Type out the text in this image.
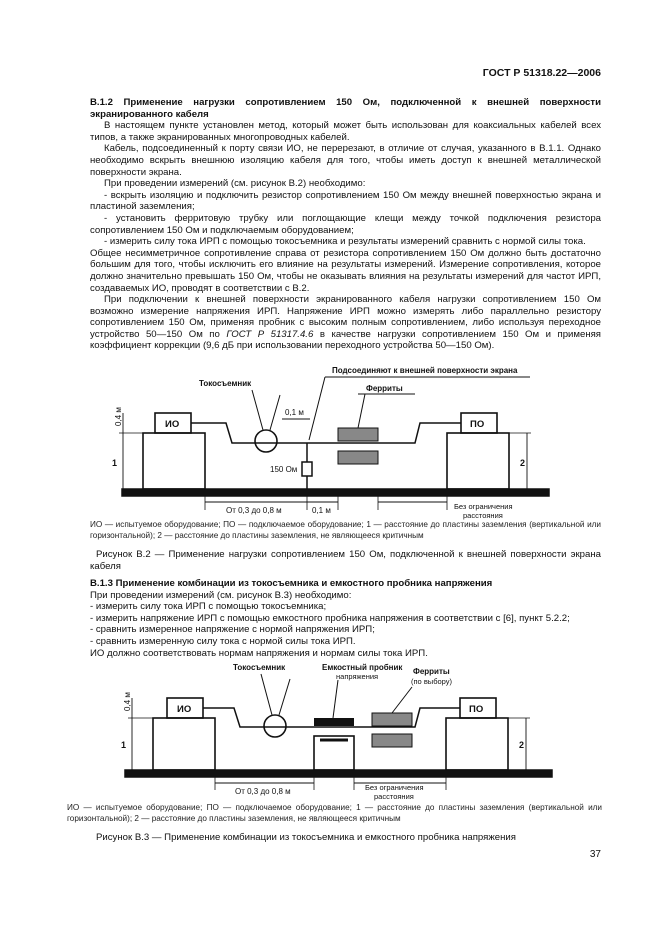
ГОСТ Р 51318.22—2006

В.1.2 Применение нагрузки сопротивлением 150 Ом, подключенной к внешней поверхности экранированного кабеля

В настоящем пункте установлен метод, который может быть использован для коаксиальных кабелей всех типов, а также экранированных многопроводных кабелей.

Кабель, подсоединенный к порту связи ИО, не перерезают, в отличие от случая, указанного в В.1.1. Однако необходимо вскрыть внешнюю изоляцию кабеля для того, чтобы иметь доступ к внешней металлической поверхности экрана.

При проведении измерений (см. рисунок В.2) необходимо:

- вскрыть изоляцию и подключить резистор сопротивлением 150 Ом между внешней поверхностью экрана и пластиной заземления;

- установить ферритовую трубку или поглощающие клещи между точкой подключения резистора сопротивлением 150 Ом и подключаемым оборудованием;

- измерить силу тока ИРП с помощью токосъемника и результаты измерений сравнить с нормой силы тока.

Общее несимметричное сопротивление справа от резистора сопротивлением 150 Ом должно быть достаточно большим для того, чтобы исключить его влияние на результаты измерений. Измерение сопротивления, которое должно значительно превышать 150 Ом, чтобы не оказывать влияния на результаты измерений для частот ИРП, создаваемых ИО, проводят в соответствии с В.2.

При подключении к внешней поверхности экранированного кабеля нагрузки сопротивлением 150 Ом возможно измерение напряжения ИРП. Напряжение ИРП можно измерять либо параллельно резистору сопротивлением 150 Ом, применяя пробник с высоким полным сопротивлением, либо используя переходное устройство 50—150 Ом по ГОСТ Р 51317.4.6 в качестве нагрузки сопротивлением 150 Ом и применяя коэффициент коррекции (9,6 дБ при использовании переходного устройства 50—150 Ом).

Токосъемник
Подсоединяют к внешней поверхности экрана
Ферриты
ИО	ПО
0,1 м
1	2
150 Ом
От 0,3 до 0,8 м	0,1 м	Без ограничения
расстояния
0,4 м
Токосъемник	Емкостный пробник
напряжения
Ферриты
(по выбору)
ИО	ПО
1	2
От 0,3 до 0,8 м	Без ограничения
расстояния
0,4 м
ИО — испытуемое оборудование; ПО — подключаемое оборудование; 1 — расстояние до пластины заземления (вертикальной или горизонтальной); 2 — расстояние до пластины заземления, не являющееся критичным
Рисунок В.2 — Применение нагрузки сопротивлением 150 Ом, подключенной к внешней поверхности экрана кабеля

В.1.3 Применение комбинации из токосъемника и емкостного пробника напряжения

При проведении измерений (см. рисунок В.3) необходимо:

- измерить силу тока ИРП с помощью токосъемника;

- измерить напряжение ИРП с помощью емкостного пробника напряжения в соответствии с [6], пункт 5.2.2;

- сравнить измеренное напряжение с нормой напряжения ИРП;

- сравнить измеренную силу тока с нормой силы тока ИРП.

ИО должно соответствовать нормам напряжения и нормам силы тока ИРП.

ИО — испытуемое оборудование; ПО — подключаемое оборудование; 1 — расстояние до пластины заземления (вертикальной или горизонтальной); 2 — расстояние до пластины заземления, не являющееся критичным
Рисунок В.3 — Применение комбинации из токосъемника и емкостного пробника напряжения
37
